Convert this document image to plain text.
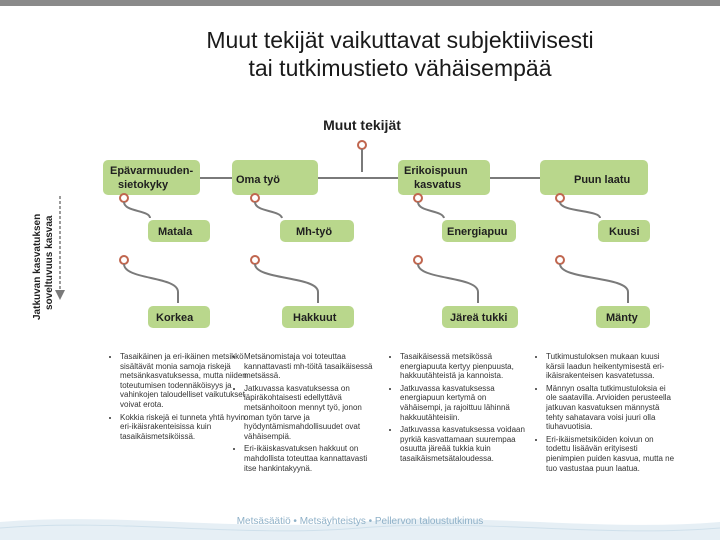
Muut tekijät vaikuttavat subjektiivisesti
tai tutkimustieto vähäisempää
Muut tekijät
Epävarmuuden-
sietokyky
Matala
Korkea
Oma työ
Mh-työ
Hakkuut
Erikoispuun
kasvatus
Energiapuu
Järeä tukki
Puun laatu
Kuusi
Mänty
Jatkuvan kasvatuksen soveltuvuus kasvaa
• Tasaikäinen ja eri-ikäinen metsikkö sisältävät monia samoja riskejä metsänkasvatuksessa, mutta niiden toteutumisen todennäköisyys ja vahinkojen taloudelliset vaikutukset voivat erota.
• Kokkia riskejä ei tunneta yhtä hyvin eri-ikäisrakenteisissa kuin tasaikäismetsiköissä.
• Metsänomistaja voi toteuttaa kannattavasti mh-töitä tasaikäisessä metsässä.
• Jatkuvassa kasvatuksessa on läpiräkohtaisesti edellyttävä metsänhoitoon mennyt työ, jonon oman työn tarve ja hyödyntämismahdollisuudet ovat vähäisempiä.
• Eri-ikäiskasvatuksen hakkuut on mahdollista toteuttaa kannattavasti itse hankintakyynä.
• Tasaikäisessä metsikössä energiapuuta kertyy pienpuusta, hakkuutähteistä ja kannoista.
• Jatkuvassa kasvatuksessa energiapuun kertymä on vähäisempi, ja rajoittuu lähinnä hakkuutähteisiin.
• Jatkuvassa kasvatuksessa voidaan pyrkiä kasvattamaan suurempaa osuutta järeää tukkia kuin tasaikäismetsätaloudessa.
• Tutkimustuloksen mukaan kuusi kärsii laadun heikentymisestä eri-ikäisrakenteisen kasvatetussa.
• Männyn osalta tutkimustuloksia ei ole saatavilla. Arvioiden perusteella jatkuvan kasvatuksen männystä tehty sahatavara voisi juuri olla tiuhavuotisia.
• Eri-ikäismetsiköiden koivun on todettu lisäävän erityisesti pienimpien puiden kasvua, mutta ne tuo vastustaa puun laatua.
Metsäsäätiö • Metsäyhteistys • Pellervon taloustutkimus
